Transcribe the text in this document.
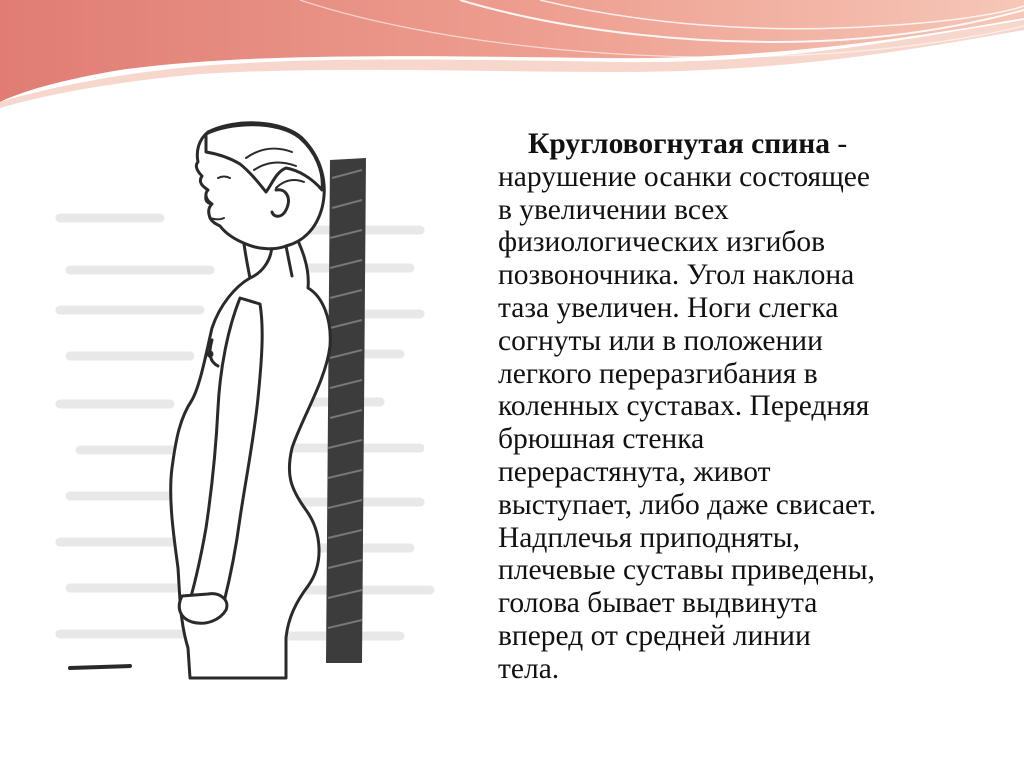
Кругловогнутая спина -
нарушение осанки состоящее
в увеличении всех
физиологических изгибов
позвоночника. Угол наклона
таза увеличен. Ноги слегка
согнуты или в положении
легкого переразгибания в
коленных суставах. Передняя
брюшная стенка
перерастянута, живот
выступает, либо даже свисает.
Надплечья приподняты,
плечевые суставы приведены,
голова бывает выдвинута
вперед от средней линии
тела.
